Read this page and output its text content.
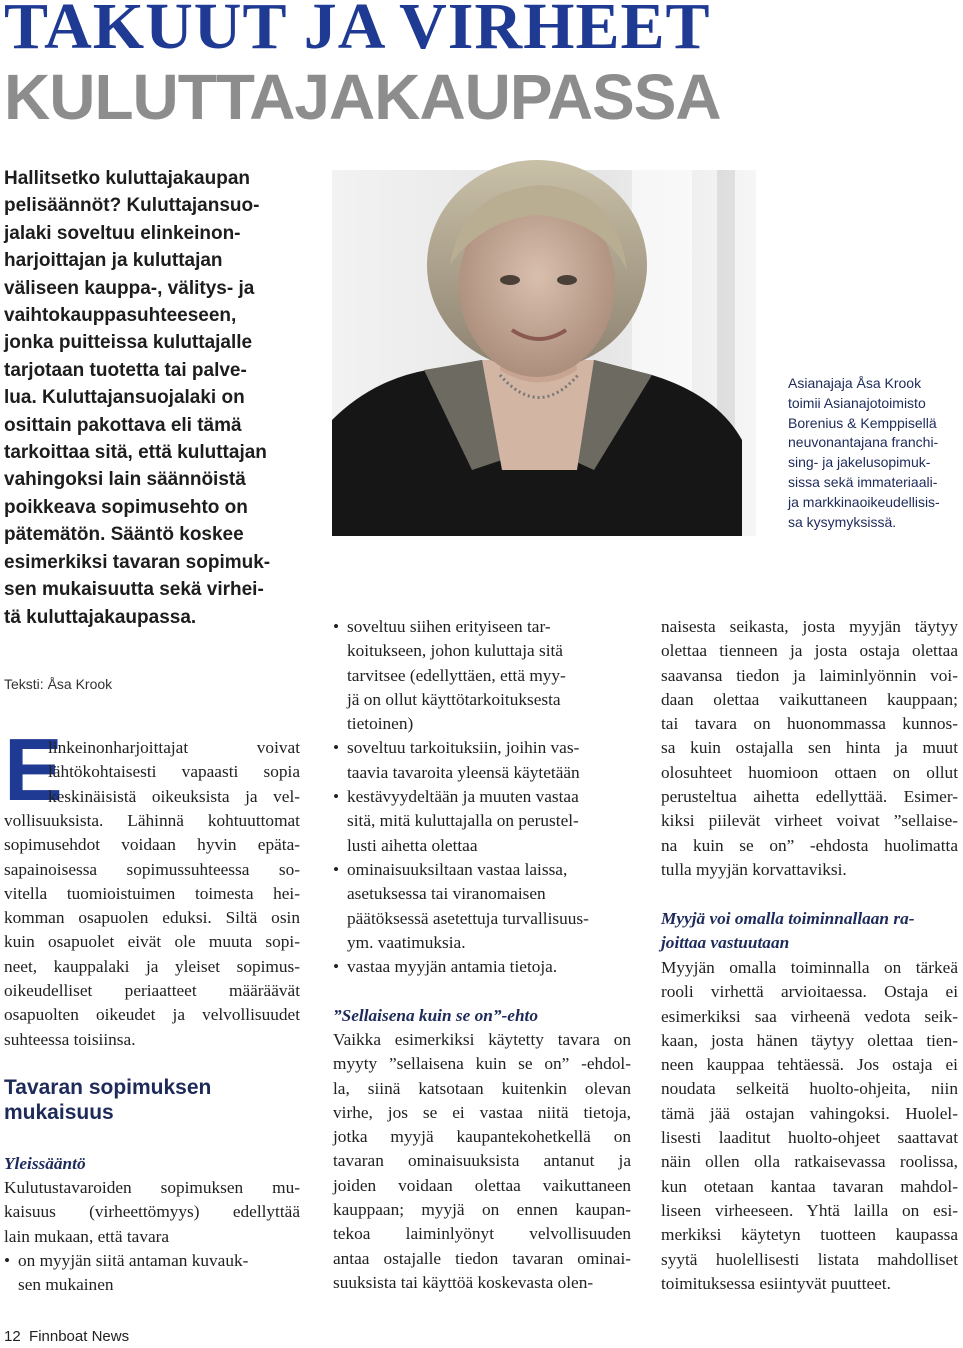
TAKUUT JA VIRHEET
KULUTTAJAKAUPASSA

Hallitsetko kuluttajakaupan
pelisäännöt? Kuluttajansuo-
jalaki soveltuu elinkeinon-
harjoittajan ja kuluttajan
väliseen kauppa-, välitys- ja
vaihtokauppasuhteeseen,
jonka puitteissa kuluttajalle
tarjotaan tuotetta tai palve-
lua. Kuluttajansuojalaki on
osittain pakottava eli tämä
tarkoittaa sitä, että kuluttajan
vahingoksi lain säännöistä
poikkeava sopimusehto on
pätemätön. Sääntö koskee
esimerkiksi tavaran sopimuk-
sen mukaisuutta sekä virhei-
tä kuluttajakaupassa.

Teksti: Åsa Krook

E
linkeinonharjoittajat voivat
lähtökohtaisesti vapaasti sopia
keskinäisistä oikeuksista ja vel-
vollisuuksista. Lähinnä kohtuuttomat
sopimusehdot voidaan hyvin epäta-
sapainoisessa sopimussuhteessa so-
vitella tuomioistuimen toimesta hei-
komman osapuolen eduksi. Siltä osin
kuin osapuolet eivät ole muuta sopi-
neet, kauppalaki ja yleiset sopimus-
oikeudelliset periaatteet määräävät
osapuolten oikeudet ja velvollisuudet
suhteessa toisiinsa.
Tavaran sopimuksen
mukaisuus

Yleissääntö

Kulutustavaroiden sopimuksen mu-
kaisuus (virheettömyys) edellyttää
lain mukaan, että tavara
• on myyjän siitä antaman kuvauk-
sen mukainen

Asianajaja Åsa Krook
toimii Asianajotoimisto
Borenius & Kemppisellä
neuvonantajana franchi-
sing- ja jakelusopimuk-
sissa sekä immateriaali-
ja markkinaoikeudellisis-
sa kysymyksissä.

• soveltuu siihen erityiseen tar-
koitukseen, johon kuluttaja sitä
tarvitsee (edellyttäen, että myy-
jä on ollut käyttötarkoituksesta
tietoinen)
• soveltuu tarkoituksiin, joihin vas-
taavia tavaroita yleensä käytetään
• kestävyydeltään ja muuten vastaa
sitä, mitä kuluttajalla on perustel-
lusti aihetta olettaa
• ominaisuuksiltaan vastaa laissa,
asetuksessa tai viranomaisen
päätöksessä asetettuja turvallisuus-
ym. vaatimuksia.
• vastaa myyjän antamia tietoja.

”Sellaisena kuin se on”-ehto

Vaikka esimerkiksi käytetty tavara on
myyty ”sellaisena kuin se on” -ehdol-
la, siinä katsotaan kuitenkin olevan
virhe, jos se ei vastaa niitä tietoja,
jotka myyjä kaupantekohetkellä on
tavaran ominaisuuksista antanut ja
joiden voidaan olettaa vaikuttaneen
kauppaan; myyjä on ennen kaupan-
tekoa laiminlyönyt velvollisuuden
antaa ostajalle tiedon tavaran ominai-
suuksista tai käyttöä koskevasta olen-
naisesta seikasta, josta myyjän täytyy
olettaa tienneen ja josta ostaja olettaa
saavansa tiedon ja laiminlyönnin voi-
daan olettaa vaikuttaneen kauppaan;
tai tavara on huonommassa kunnos-
sa kuin ostajalla sen hinta ja muut
olosuhteet huomioon ottaen on ollut
perusteltua aihetta edellyttää. Esimer-
kiksi piilevät virheet voivat ”sellaise-
na kuin se on” -ehdosta huolimatta
tulla myyjän korvattaviksi.

Myyjä voi omalla toiminnallaan ra-
joittaa vastuutaan

Myyjän omalla toiminnalla on tärkeä
rooli virhettä arvioitaessa. Ostaja ei
esimerkiksi saa virheenä vedota seik-
kaan, josta hänen täytyy olettaa tien-
neen kauppaa tehtäessä. Jos ostaja ei
noudata selkeitä huolto-ohjeita, niin
tämä jää ostajan vahingoksi. Huolel-
lisesti laaditut huolto-ohjeet saattavat
näin ollen olla ratkaisevassa roolissa,
kun otetaan kantaa tavaran mahdol-
liseen virheeseen. Yhtä lailla on esi-
merkiksi käytetyn tuotteen kaupassa
syytä huolellisesti listata mahdolliset
toimituksessa esiintyvät puutteet.

12 Finnboat News
